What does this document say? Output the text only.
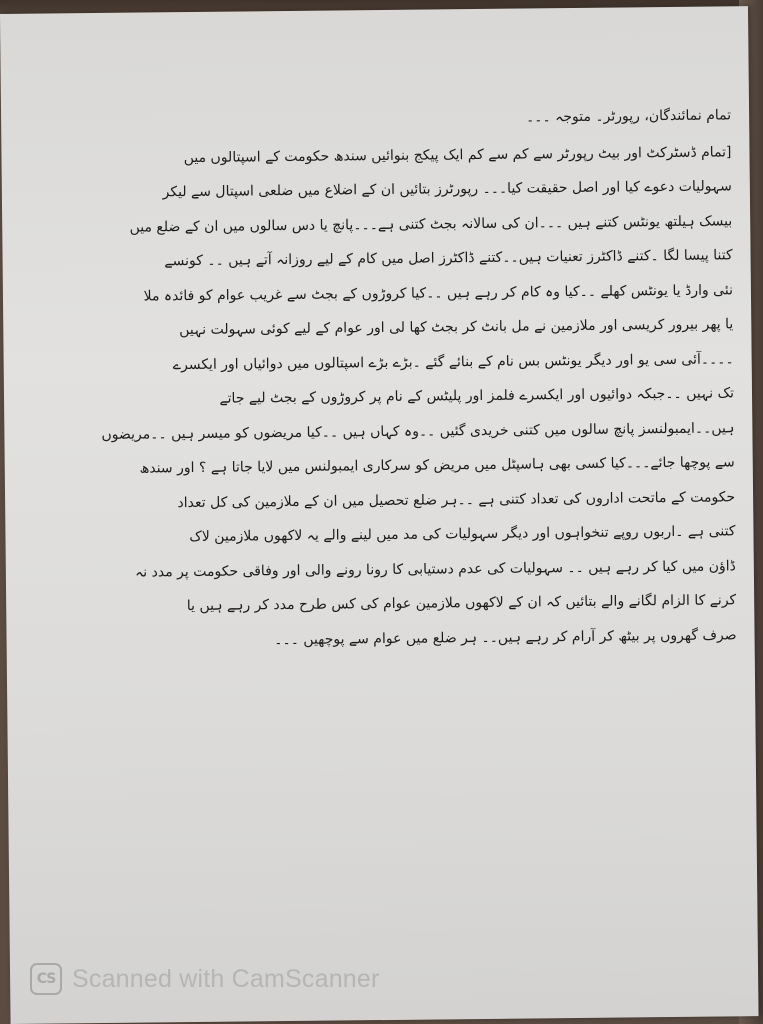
تمام نمائندگان، رپورٹر۔ متوجہ ۔۔۔
[تمام ڈسٹرکٹ اور بیٹ رپورٹر سے کم سے کم ایک پیکج بنوائیں سندھ حکومت کے اسپتالوں میں
سہولیات دعوے کیا اور اصل حقیقت کیا۔۔۔ رپورٹرز بتائیں ان کے اضلاع میں ضلعی اسپتال سے لیکر
بیسک ہیلتھ یونٹس کتنے ہیں ۔۔۔ان کی سالانہ بجٹ کتنی ہے۔۔۔پانچ یا دس سالوں میں ان کے ضلع میں
کتنا پیسا لگا ۔کتنے ڈاکٹرز تعنیات ہیں۔۔کتنے ڈاکٹرز اصل میں کام کے لیے روزانہ آتے ہیں ۔۔ کونسے
نئی وارڈ یا یونٹس کھلے ۔۔کیا وہ کام کر رہے ہیں ۔۔کیا کروڑوں کے بجٹ سے غریب عوام کو فائدہ ملا
یا پھر بیرور کریسی اور ملازمین نے مل بانٹ کر بجٹ کھا لی اور عوام کے لیے کوئی سہولت نہیں
۔۔۔۔آئی سی یو اور دیگر یونٹس بس نام کے بنائے گئے ۔بڑے بڑے اسپتالوں میں دوائیاں اور ایکسرے
تک نہیں ۔۔جبکہ دوائیوں اور ایکسرے فلمز اور پلیٹس کے نام پر کروڑوں کے بجٹ لیے جاتے
ہیں۔۔ایمبولنسز پانچ سالوں میں کتنی خریدی گئیں ۔۔وہ کہاں ہیں ۔۔کیا مریضوں کو میسر ہیں ۔۔مریضوں
سے پوچھا جائے۔۔۔کیا کسی بھی ہاسپٹل میں مریض کو سرکاری ایمبولنس میں لایا جاتا ہے ؟ اور سندھ
حکومت کے ماتحت اداروں کی تعداد کتنی ہے ۔۔ہر ضلع تحصیل میں ان کے ملازمین کی کل تعداد
کتنی ہے ۔اربوں روپے تنخواہوں اور دیگر سہولیات کی مد میں لینے والے یہ لاکھوں ملازمین لاک
ڈاؤن میں کیا کر رہے ہیں ۔۔ سہولیات کی عدم دستیابی کا رونا رونے والی اور وفاقی حکومت پر مدد نہ
کرنے کا الزام لگانے والے بتائیں کہ ان کے لاکھوں ملازمین عوام کی کس طرح مدد کر رہے ہیں یا
صرف گھروں پر بیٹھ کر آرام کر رہے ہیں۔۔ ہر ضلع میں عوام سے پوچھیں ۔۔۔
CS Scanned with CamScanner
